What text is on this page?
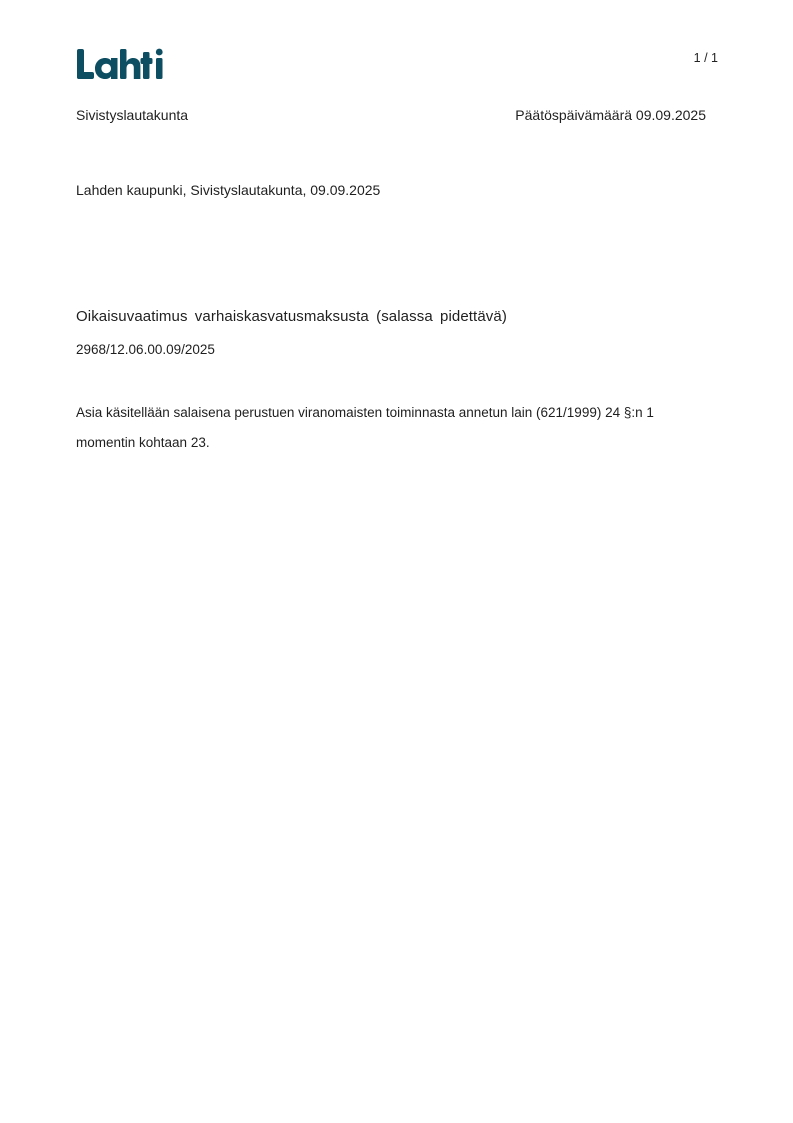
1 / 1
Sivistyslautakunta	Päätöspäivämäärä 09.09.2025
Lahden kaupunki, Sivistyslautakunta, 09.09.2025
Oikaisuvaatimus varhaiskasvatusmaksusta (salassa pidettävä)
2968/12.06.00.09/2025

Asia käsitellään salaisena perustuen viranomaisten toiminnasta annetun lain (621/1999) 24 §:n 1
momentin kohtaan 23.
